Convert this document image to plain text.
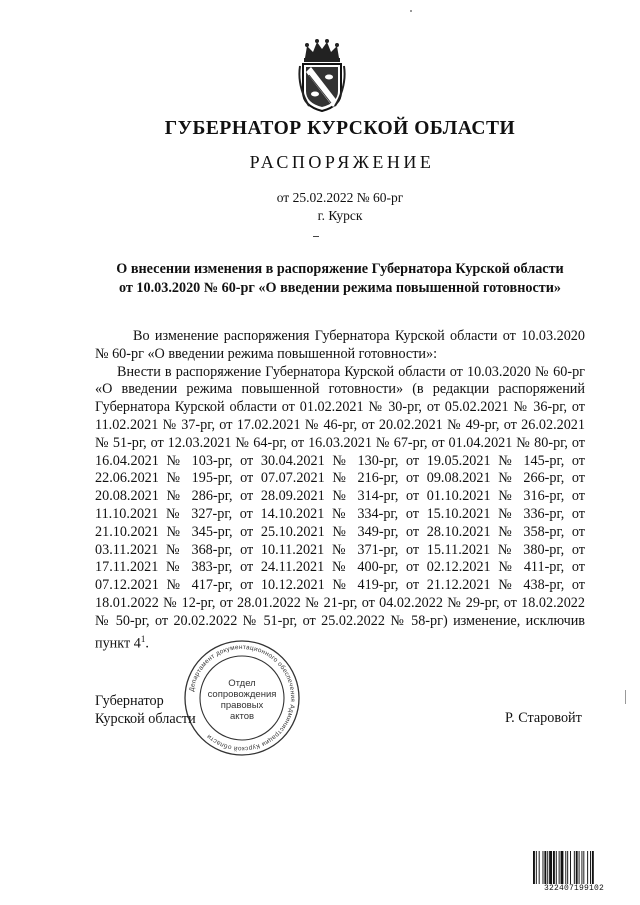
ГУБЕРНАТОР КУРСКОЙ ОБЛАСТИ
РАСПОРЯЖЕНИЕ
от 25.02.2022 № 60-рг
г. Курск
О внесении изменения в распоряжение Губернатора Курской области
от 10.03.2020 № 60-рг «О введении режима повышенной готовности»

Во изменение распоряжения Губернатора Курской области от 10.03.2020 № 60-рг «О введении режима повышенной готовности»:

Внести в распоряжение Губернатора Курской области от 10.03.2020 № 60-рг «О введении режима повышенной готовности» (в редакции распоряжений Губернатора Курской области от 01.02.2021 № 30-рг, от 05.02.2021 № 36-рг, от 11.02.2021 № 37-рг, от 17.02.2021 № 46-рг, от 20.02.2021 № 49-рг, от 26.02.2021 № 51-рг, от 12.03.2021 № 64-рг, от 16.03.2021 № 67-рг, от 01.04.2021 № 80-рг, от 16.04.2021 № 103-рг, от 30.04.2021 № 130-рг, от 19.05.2021 № 145-рг, от 22.06.2021 № 195-рг, от 07.07.2021 № 216-рг, от 09.08.2021 № 266-рг, от 20.08.2021 № 286-рг, от 28.09.2021 № 314-рг, от 01.10.2021 № 316-рг, от 11.10.2021 № 327-рг, от 14.10.2021 № 334-рг, от 15.10.2021 № 336-рг, от 21.10.2021 № 345-рг, от 25.10.2021 № 349-рг, от 28.10.2021 № 358-рг, от 03.11.2021 № 368-рг, от 10.11.2021 № 371-рг, от 15.11.2021 № 380-рг, от 17.11.2021 № 383-рг, от 24.11.2021 № 400-рг, от 02.12.2021 № 411-рг, от 07.12.2021 № 417-рг, от 10.12.2021 № 419-рг, от 21.12.2021 № 438-рг, от 18.01.2022 № 12-рг, от 28.01.2022 № 21-рг, от 04.02.2022 № 29-рг, от 18.02.2022 № 50-рг, от 20.02.2022 № 51-рг, от 25.02.2022 № 58-рг) изменение, исключив пункт $4^1$.

Департамент документационного обеспечения Администрации Курской области
Отдел
сопровождения
правовых
актов
Губернатор
Курской области	Р. Старовойт
322407199102
